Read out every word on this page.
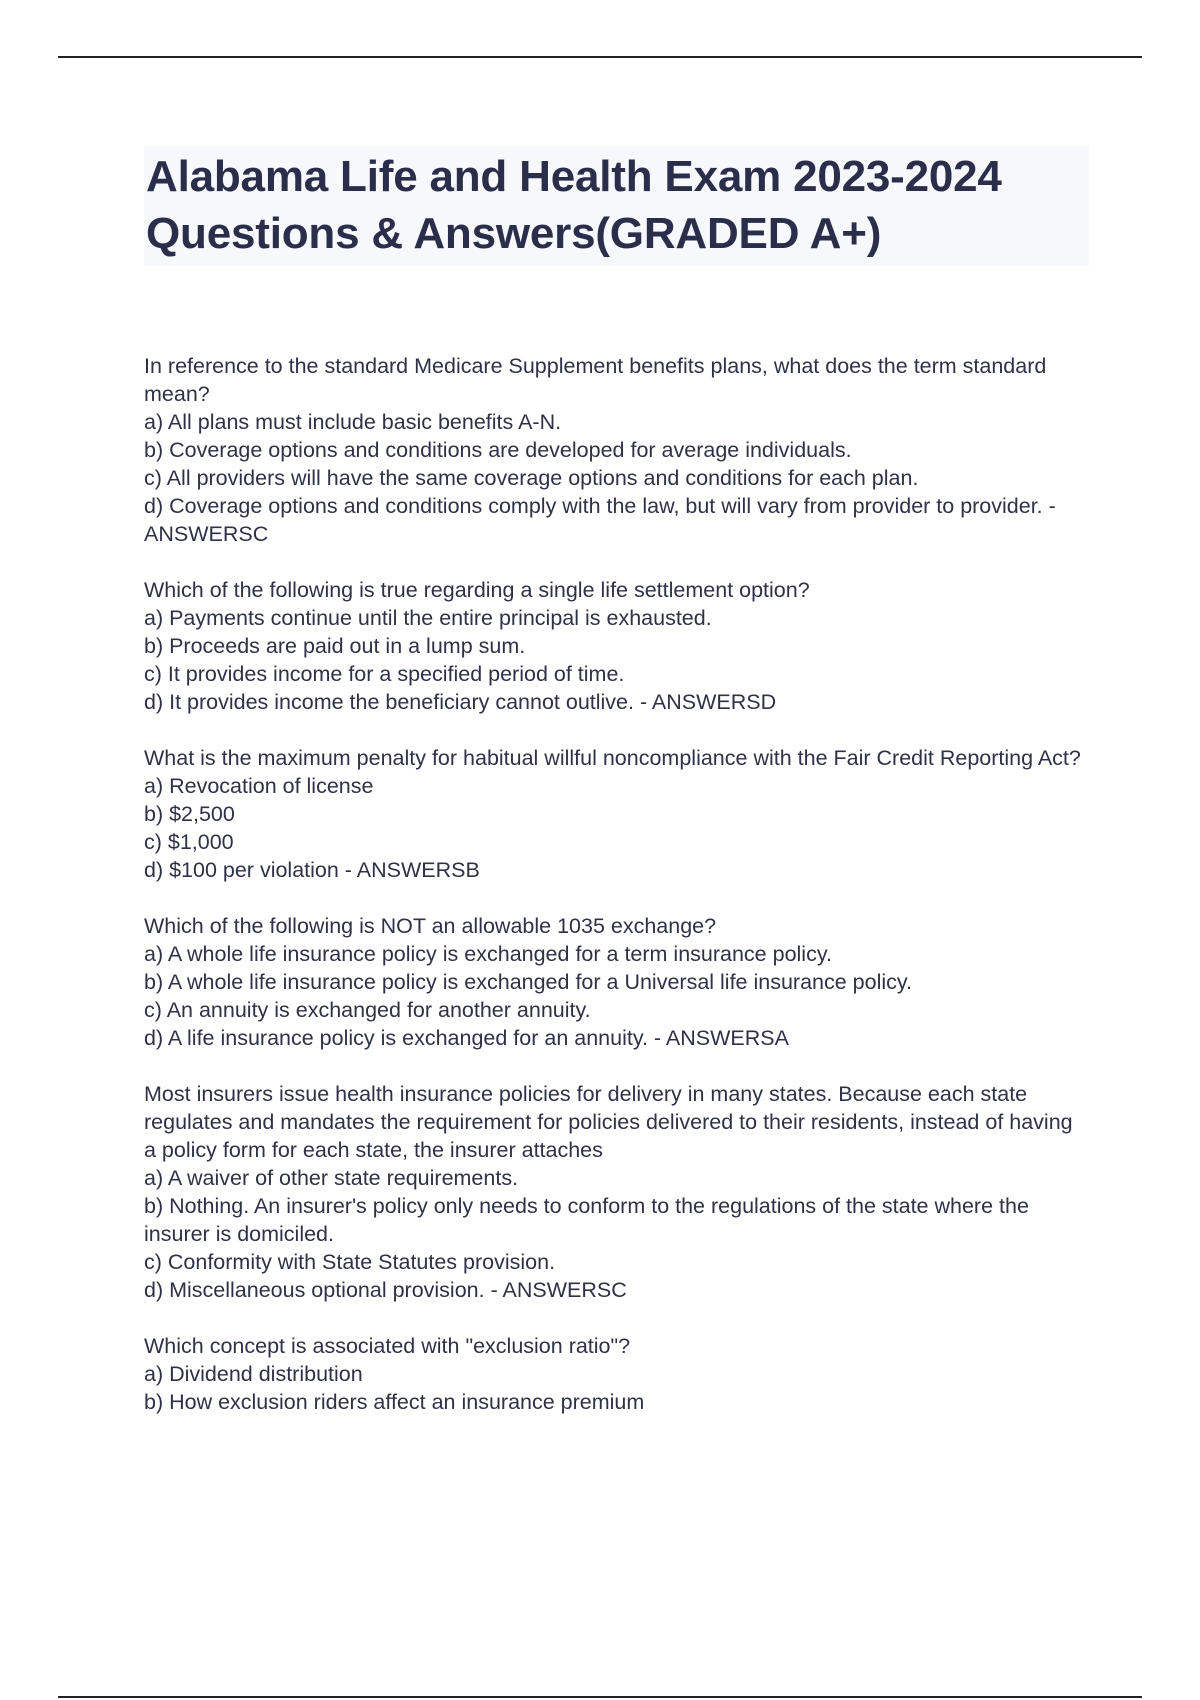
Alabama Life and Health Exam 2023-2024 Questions & Answers(GRADED A+)
In reference to the standard Medicare Supplement benefits plans, what does the term standard mean?
a) All plans must include basic benefits A-N.
b) Coverage options and conditions are developed for average individuals.
c) All providers will have the same coverage options and conditions for each plan.
d) Coverage options and conditions comply with the law, but will vary from provider to provider. - ANSWERSC
Which of the following is true regarding a single life settlement option?
a) Payments continue until the entire principal is exhausted.
b) Proceeds are paid out in a lump sum.
c) It provides income for a specified period of time.
d) It provides income the beneficiary cannot outlive. - ANSWERSD
What is the maximum penalty for habitual willful noncompliance with the Fair Credit Reporting Act?
a) Revocation of license
b) $2,500
c) $1,000
d) $100 per violation - ANSWERSB
Which of the following is NOT an allowable 1035 exchange?
a) A whole life insurance policy is exchanged for a term insurance policy.
b) A whole life insurance policy is exchanged for a Universal life insurance policy.
c) An annuity is exchanged for another annuity.
d) A life insurance policy is exchanged for an annuity. - ANSWERSA
Most insurers issue health insurance policies for delivery in many states. Because each state regulates and mandates the requirement for policies delivered to their residents, instead of having a policy form for each state, the insurer attaches
a) A waiver of other state requirements.
b) Nothing. An insurer's policy only needs to conform to the regulations of the state where the insurer is domiciled.
c) Conformity with State Statutes provision.
d) Miscellaneous optional provision. - ANSWERSC
Which concept is associated with "exclusion ratio"?
a) Dividend distribution
b) How exclusion riders affect an insurance premium
